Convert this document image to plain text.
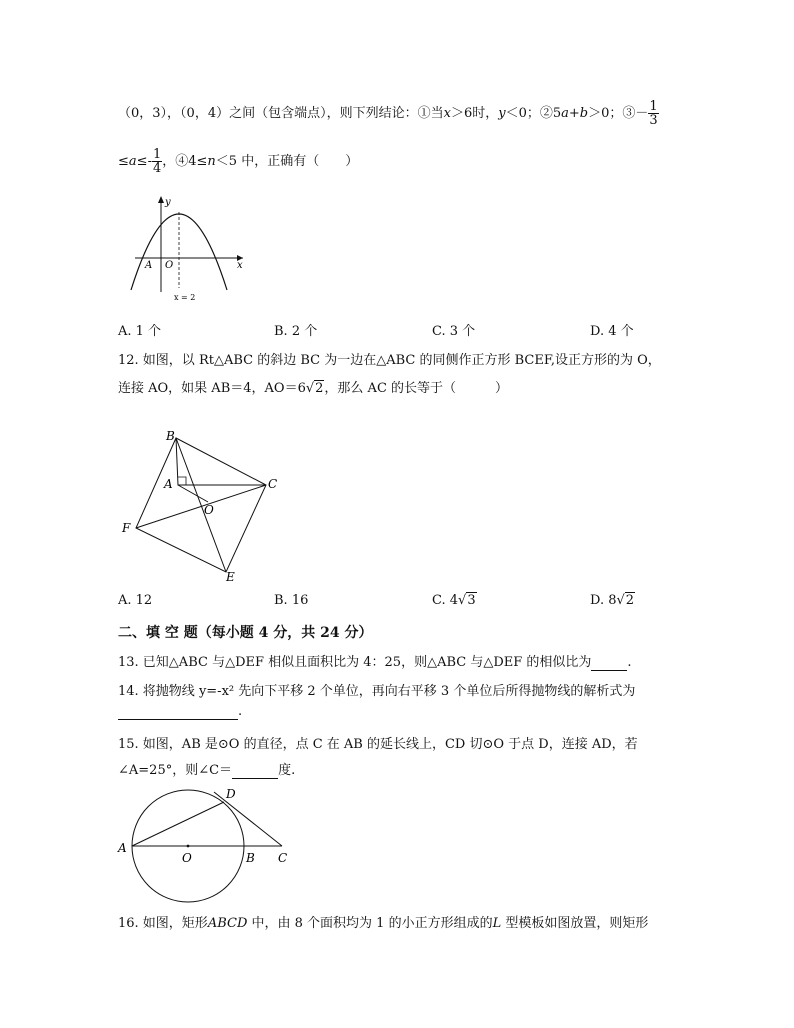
（0，3），（0，4）之间（包含端点），则下列结论：①当x＞6时，y＜0；②5a+b＞0；③－ $\frac{1}{3}$
$\le a\le- \frac{1}{4}$ ，④4≤n＜5 中，正确有（　　）
y
x
A O
x = 2
A. 1 个	B. 2 个	C. 3 个	D. 4 个
12. 如图，以 Rt△ABC 的斜边 BC 为一边在△ABC 的同侧作正方形 BCEF,设正方形的为 O，
连接 AO，如果 AB＝4，AO＝6√2，那么 AC 的长等于（　　　）
B
A	C
O
F
E
A. 12	B. 16	C. 4√3	D. 8√2
二、填 空 题（每小题 4 分，共 24 分）
13. 已知△ABC 与△DEF 相似且面积比为 4：25，则△ABC 与△DEF 的相似比为	.
14. 将抛物线 y=-x² 先向下平移 2 个单位，再向右平移 3 个单位后所得抛物线的解析式为
.
15. 如图，AB 是⊙O 的直径，点 C 在 AB 的延长线上，CD 切⊙O 于点 D，连接 AD，若
∠A=25°，则∠C＝	度.
A
O	B C
D
16. 如图，矩形ABCD 中，由 8 个面积均为 1 的小正方形组成的L 型模板如图放置，则矩形
